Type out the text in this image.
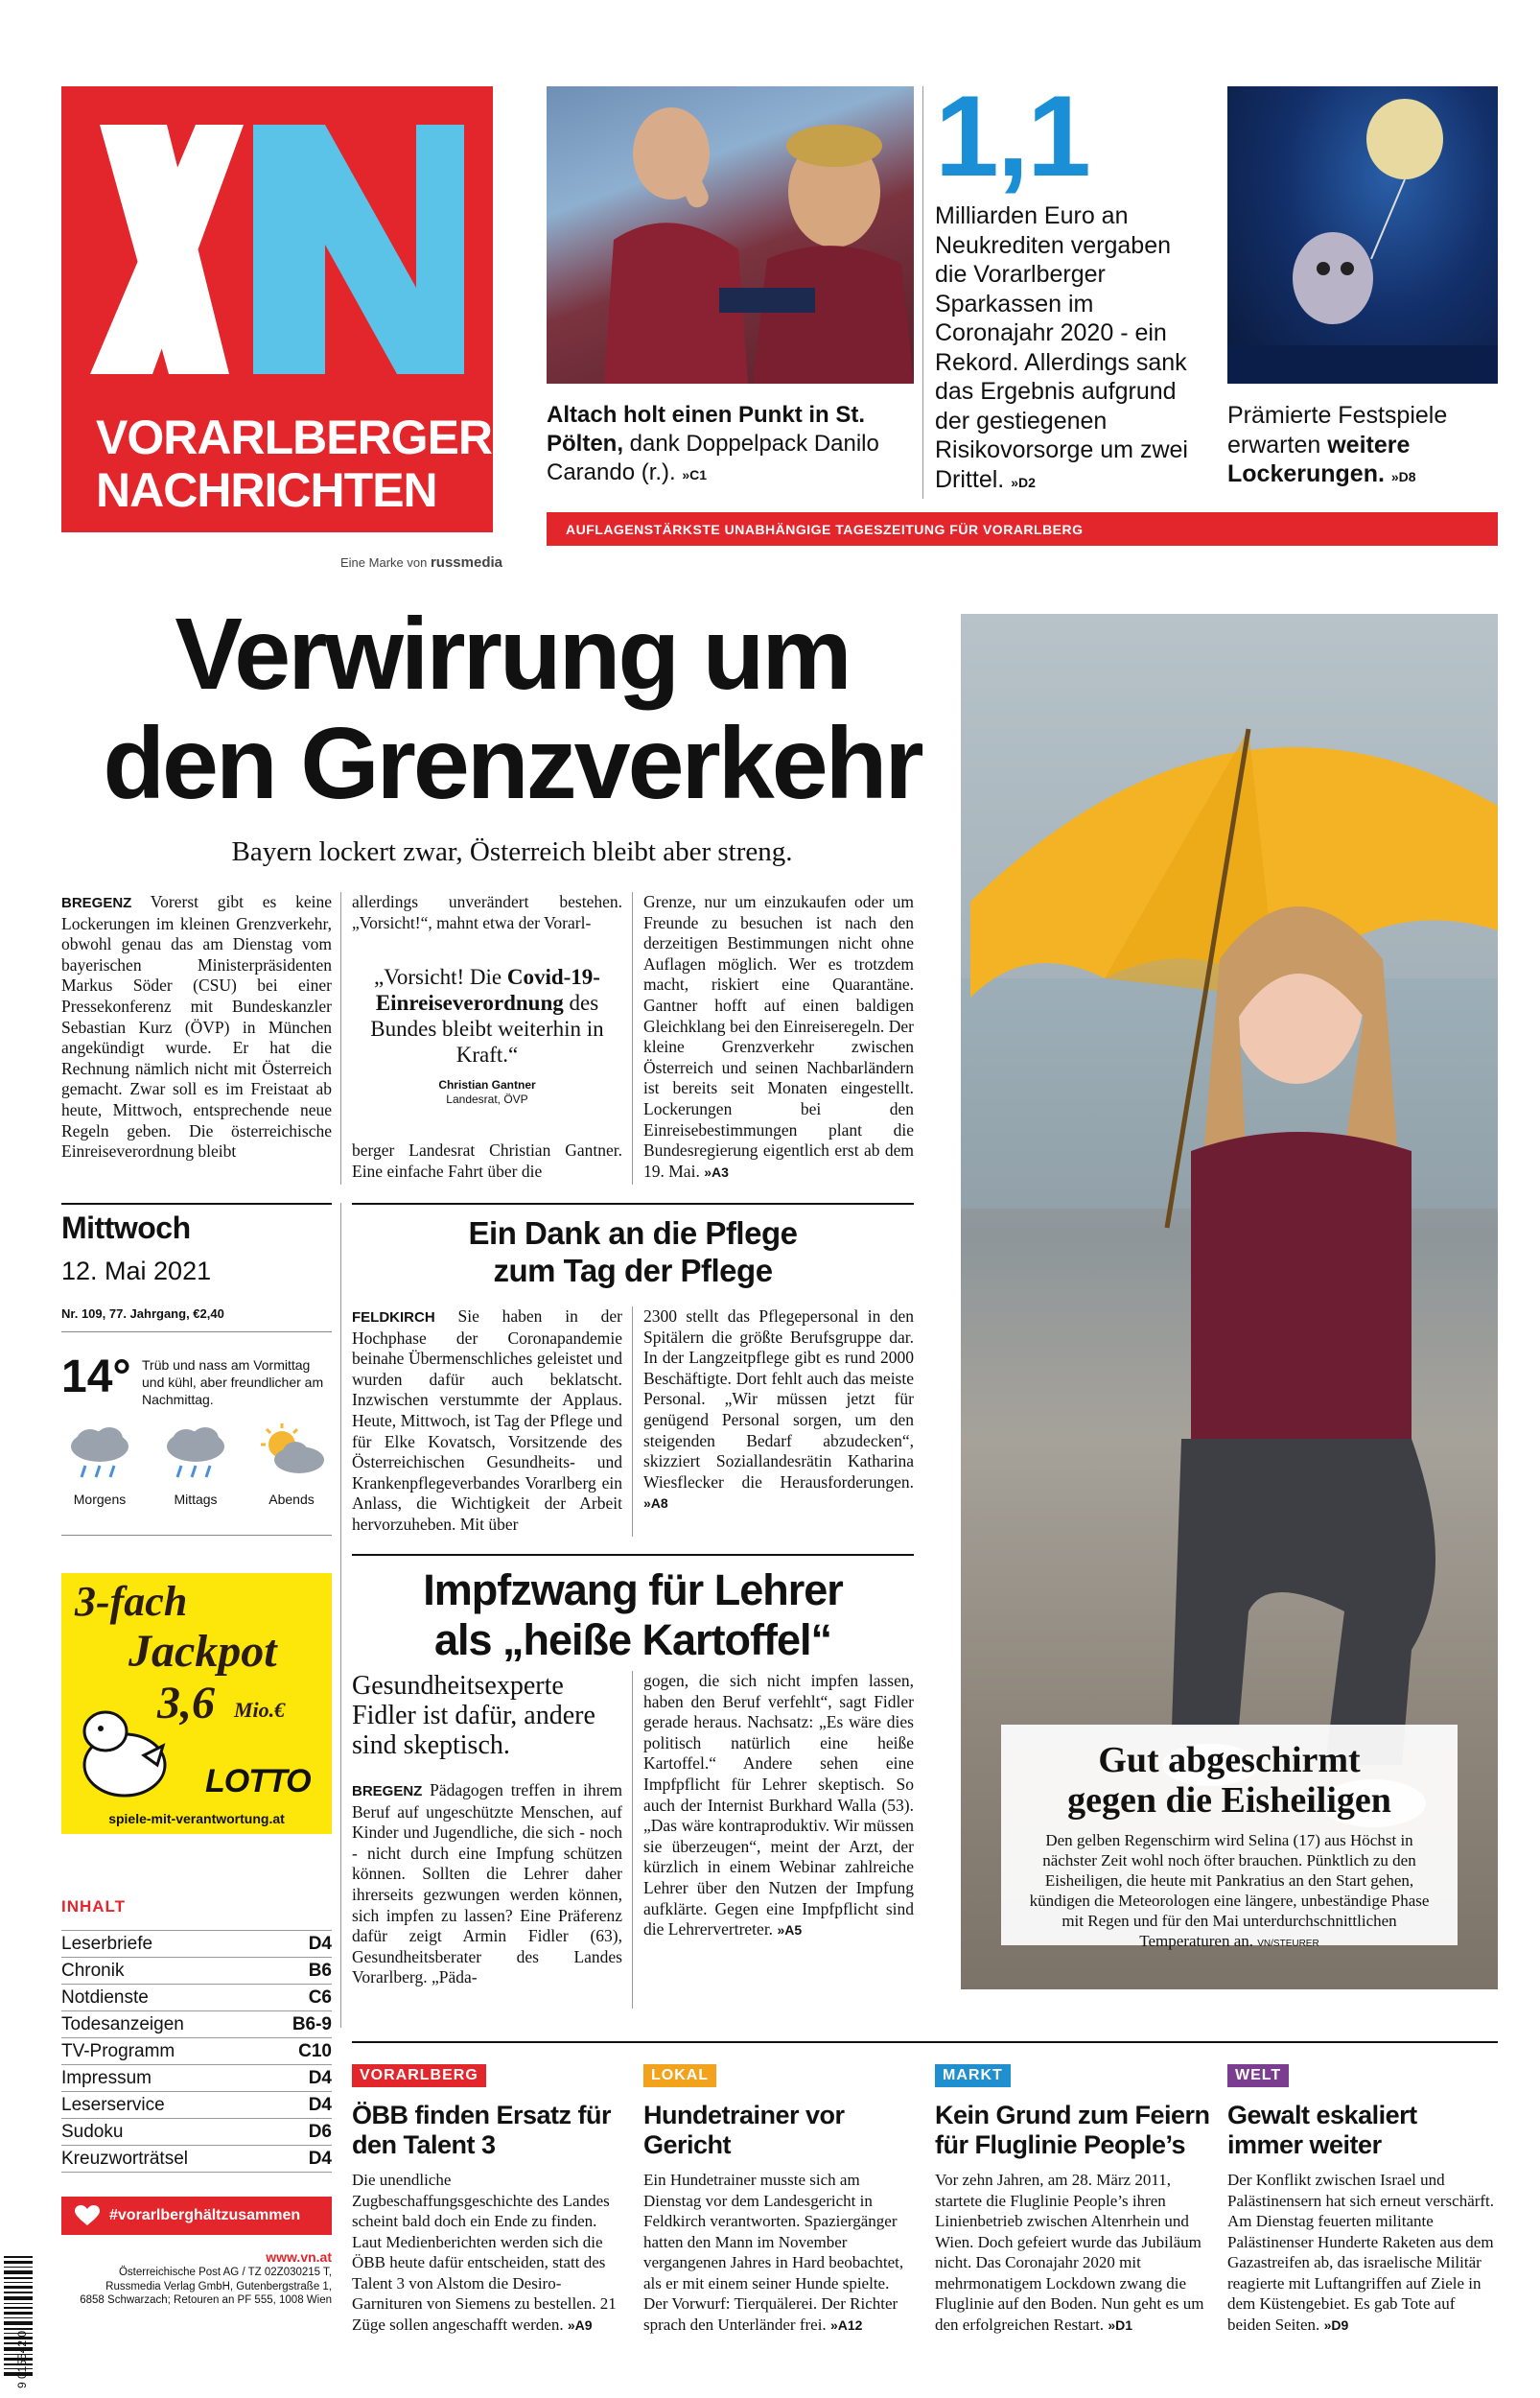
VORARLBERGER
NACHRICHTEN
Eine Marke von russmedia
Altach holt einen Punkt in St. Pölten, dank Doppelpack Danilo Carando (r.). »C1
1,1
Milliarden Euro an Neukrediten vergaben die Vorarlberger Sparkassen im Coronajahr 2020 - ein Rekord. Allerdings sank das Ergebnis aufgrund der gestiegenen Risikovorsorge um zwei Drittel. »D2
Prämierte Festspiele erwarten weitere Lockerungen. »D8
AUFLAGENSTÄRKSTE UNABHÄNGIGE TAGESZEITUNG FÜR VORARLBERG
Verwirrung um
den Grenzverkehr
Bayern lockert zwar, Österreich bleibt aber streng.
BREGENZ Vorerst gibt es keine Lockerungen im kleinen Grenzverkehr, obwohl genau das am Dienstag vom bayerischen Ministerpräsidenten Markus Söder (CSU) bei einer Pressekonferenz mit Bundeskanzler Sebastian Kurz (ÖVP) in München angekündigt wurde. Er hat die Rechnung nämlich nicht mit Österreich gemacht. Zwar soll es im Freistaat ab heute, Mittwoch, entsprechende neue Regeln geben. Die österreichische Einreiseverordnung bleibt
allerdings unverändert bestehen. „Vorsicht!“, mahnt etwa der Vorarl-
„Vorsicht! Die Covid-19-Einreiseverordnung des Bundes bleibt weiterhin in Kraft.“
Christian Gantner
Landesrat, ÖVP
berger Landesrat Christian Gantner. Eine einfache Fahrt über die
Grenze, nur um einzukaufen oder um Freunde zu besuchen ist nach den derzeitigen Bestimmungen nicht ohne Auflagen möglich. Wer es trotzdem macht, riskiert eine Quarantäne. Gantner hofft auf einen baldigen Gleichklang bei den Einreiseregeln. Der kleine Grenzverkehr zwischen Österreich und seinen Nachbarländern ist bereits seit Monaten eingestellt. Lockerungen bei den Einreisebestimmungen plant die Bundesregierung eigentlich erst ab dem 19. Mai. »A3
Mittwoch
12. Mai 2021
Nr. 109, 77. Jahrgang, €2,40
14° Trüb und nass am Vormittag und kühl, aber freundlicher am Nachmittag.
Morgens	Mittags	Abends
3-fach
Jackpot
3,6 Mio.€
LOTTO
spiele-mit-verantwortung.at
INHALT
Leserbriefe	D4
Chronik	B6
Notdienste	C6
Todesanzeigen	B6-9
TV-Programm	C10
Impressum	D4
Leserservice	D4
Sudoku	D6
Kreuzworträtsel	D4
#vorarlberghältzusammen
9 015542 0
www.vn.at
Österreichische Post AG / TZ 02Z030215 T,
Russmedia Verlag GmbH, Gutenbergstraße 1,
6858 Schwarzach; Retouren an PF 555, 1008 Wien
Ein Dank an die Pflege
zum Tag der Pflege
FELDKIRCH Sie haben in der Hochphase der Coronapandemie beinahe Übermenschliches geleistet und wurden dafür auch beklatscht. Inzwischen verstummte der Applaus. Heute, Mittwoch, ist Tag der Pflege und für Elke Kovatsch, Vorsitzende des Österreichischen Gesundheits- und Krankenpflegeverbandes Vorarlberg ein Anlass, die Wichtigkeit der Arbeit hervorzuheben. Mit über
2300 stellt das Pflegepersonal in den Spitälern die größte Berufsgruppe dar. In der Langzeitpflege gibt es rund 2000 Beschäftigte. Dort fehlt auch das meiste Personal. „Wir müssen jetzt für genügend Personal sorgen, um den steigenden Bedarf abzudecken“, skizziert Soziallandesrätin Katharina Wiesflecker die Herausforderungen. »A8
Impfzwang für Lehrer
als „heiße Kartoffel“
Gesundheitsexperte Fidler ist dafür, andere sind skeptisch.
BREGENZ Pädagogen treffen in ihrem Beruf auf ungeschützte Menschen, auf Kinder und Jugendliche, die sich - noch - nicht durch eine Impfung schützen können. Sollten die Lehrer daher ihrerseits gezwungen werden können, sich impfen zu lassen? Eine Präferenz dafür zeigt Armin Fidler (63), Gesundheitsberater des Landes Vorarlberg. „Päda-
gogen, die sich nicht impfen lassen, haben den Beruf verfehlt“, sagt Fidler gerade heraus. Nachsatz: „Es wäre dies politisch natürlich eine heiße Kartoffel.“ Andere sehen eine Impfpflicht für Lehrer skeptisch. So auch der Internist Burkhard Walla (53). „Das wäre kontraproduktiv. Wir müssen sie überzeugen“, meint der Arzt, der kürzlich in einem Webinar zahlreiche Lehrer über den Nutzen der Impfung aufklärte. Gegen eine Impfpflicht sind die Lehrervertreter. »A5
Gut abgeschirmt
gegen die Eisheiligen
Den gelben Regenschirm wird Selina (17) aus Höchst in nächster Zeit wohl noch öfter brauchen. Pünktlich zu den Eisheiligen, die heute mit Pankratius an den Start gehen, kündigen die Meteorologen eine längere, unbeständige Phase mit Regen und für den Mai unterdurchschnittlichen Temperaturen an. VN/STEURER
VORARLBERG
ÖBB finden Ersatz für den Talent 3
Die unendliche Zugbeschaffungsgeschichte des Landes scheint bald doch ein Ende zu finden. Laut Medienberichten werden sich die ÖBB heute dafür entscheiden, statt des Talent 3 von Alstom die Desiro-Garnituren von Siemens zu bestellen. 21 Züge sollen angeschafft werden. »A9
LOKAL
Hundetrainer vor Gericht
Ein Hundetrainer musste sich am Dienstag vor dem Landesgericht in Feldkirch verantworten. Spaziergänger hatten den Mann im November vergangenen Jahres in Hard beobachtet, als er mit einem seiner Hunde spielte. Der Vorwurf: Tierquälerei. Der Richter sprach den Unterländer frei. »A12
MARKT
Kein Grund zum Feiern für Fluglinie People’s
Vor zehn Jahren, am 28. März 2011, startete die Fluglinie People’s ihren Linienbetrieb zwischen Altenrhein und Wien. Doch gefeiert wurde das Jubiläum nicht. Das Coronajahr 2020 mit mehrmonatigem Lockdown zwang die Fluglinie auf den Boden. Nun geht es um den erfolgreichen Restart. »D1
WELT
Gewalt eskaliert immer weiter
Der Konflikt zwischen Israel und Palästinensern hat sich erneut verschärft. Am Dienstag feuerten militante Palästinenser Hunderte Raketen aus dem Gazastreifen ab, das israelische Militär reagierte mit Luftangriffen auf Ziele in dem Küstengebiet. Es gab Tote auf beiden Seiten. »D9
